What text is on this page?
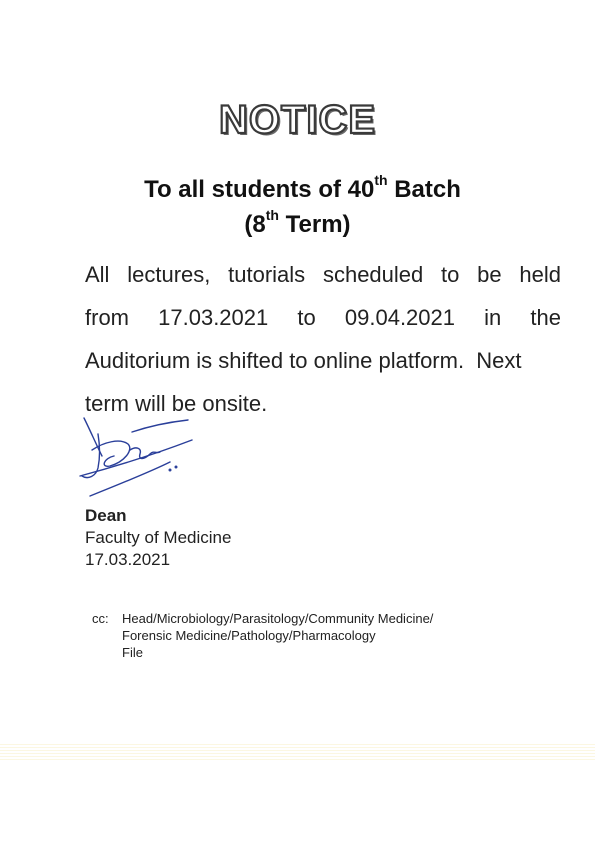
NOTICE

To all students of 40th Batch

(8th Term)

All lectures, tutorials scheduled to be held
from 17.03.2021 to 09.04.2021 in the
Auditorium is shifted to online platform.  Next
term will be onsite.
Dean
Faculty of Medicine
17.03.2021
cc: Head/Microbiology/Parasitology/Community Medicine/
Forensic Medicine/Pathology/Pharmacology
File
